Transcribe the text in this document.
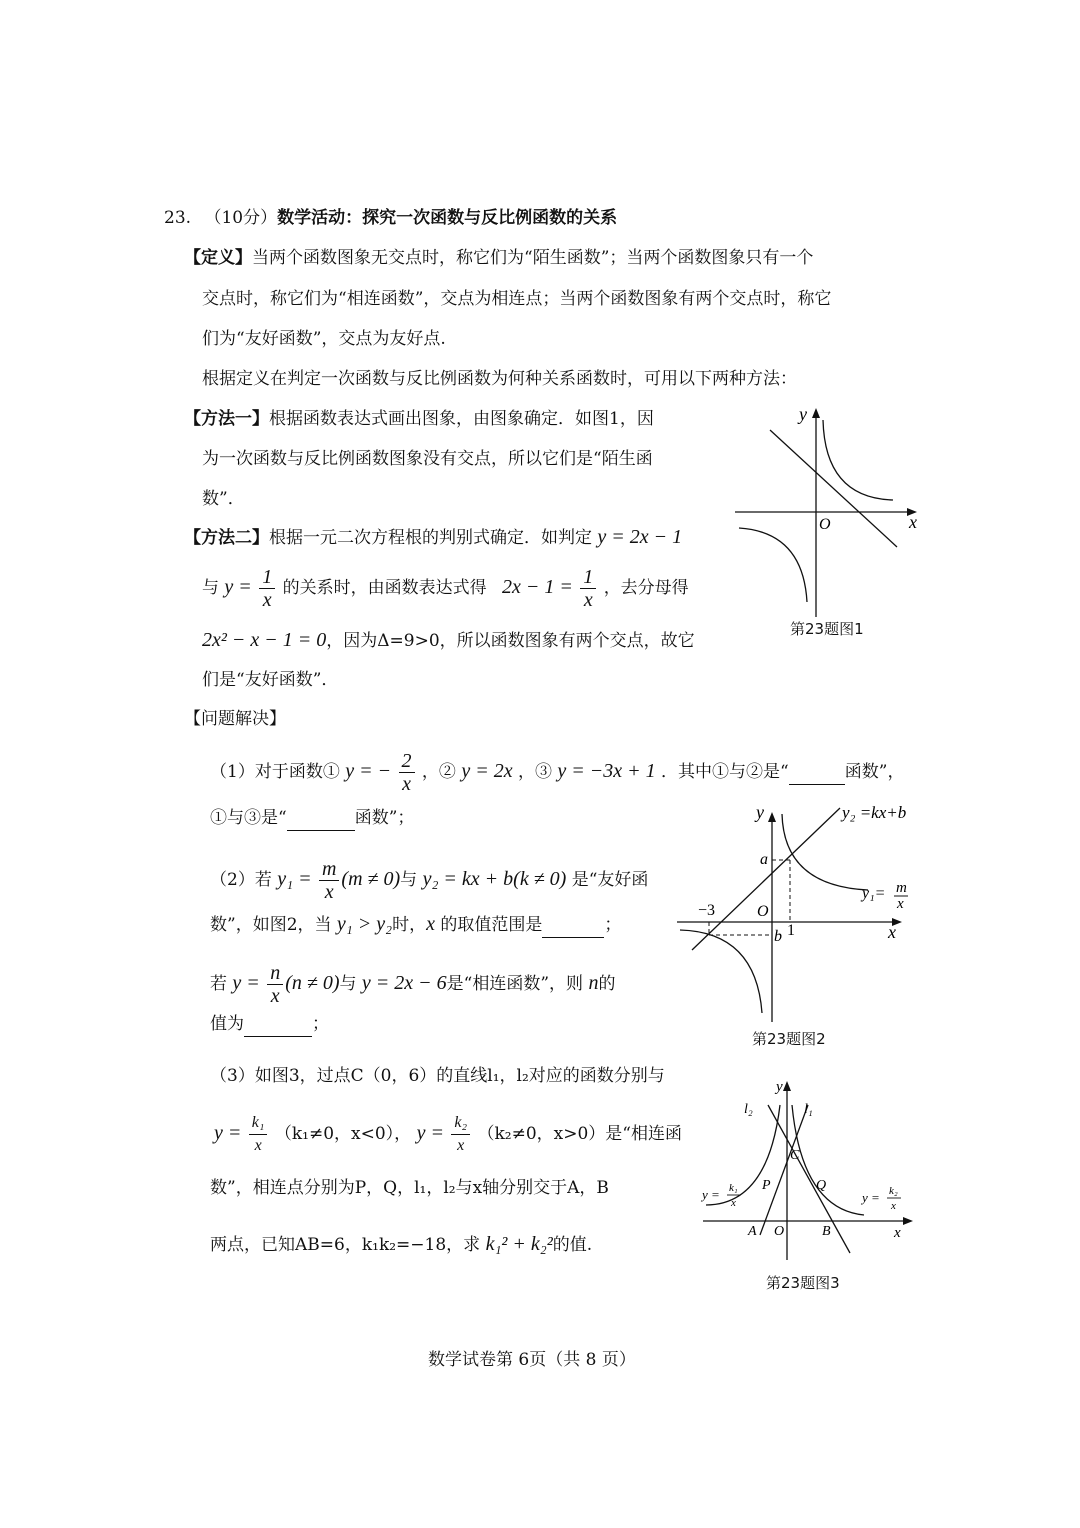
23. （10分）数学活动：探究一次函数与反比例函数的关系
【定义】当两个函数图象无交点时，称它们为“陌生函数”；当两个函数图象只有一个
交点时，称它们为“相连函数”，交点为相连点；当两个函数图象有两个交点时，称它
们为“友好函数”，交点为友好点.
根据定义在判定一次函数与反比例函数为何种关系函数时，可用以下两种方法：
【方法一】根据函数表达式画出图象，由图象确定．如图1，因
为一次函数与反比例函数图象没有交点，所以它们是“陌生函
数”．
【方法二】根据一元二次方程根的判别式确定．如判定 y = 2x − 1
与 $y = \frac{1}{x}$ 的关系时，由函数表达式得 $2x - 1 = \frac{1}{x}$ ，去分母得
2x² − x − 1 = 0，因为Δ=9>0，所以函数图象有两个交点，故它
们是“友好函数”．
【问题解决】
（1）对于函数① y = − $\frac{2}{x}$ ，② y = 2x ，③ y = −3x + 1 ．其中①与②是“	函数”，
①与③是“	函数”；
（2）若 $y_1 = \frac{m}{x} (m \ne 0)$与 y₂ = kx + b(k ≠ 0) 是“友好函
数”，如图2，当 y₁ > y₂时，x 的取值范围是	；
若 $y = \frac{n}{x} (n \ne 0)$与 y = 2x − 6是“相连函数”，则 n的
值为	；
（3）如图3，过点C（0，6）的直线l₁，l₂对应的函数分别与
$y = \frac{\text{k₁}}{x} (k_1\ne 0$，x<0）， $y = \frac{\text{k₂}}{x} (k_2\ne 0$，x>0）是“相连函
数”，相连点分别为P，Q，l₁，l₂与x轴分别交于A，B
两点，已知AB=6，k₁k₂=−18，求 k₁² + k₂²的值.
y
x
O
第23题图1
y
x
O
a
b
−3
1
y₂ =kx+b
y₁= m
x
第23题图2
y
x
O
l₂	l₁
C
P	Q
A	B
y = k₁
x	y = k₂
x
第23题图3
数学试卷第 6页（共 8 页）
